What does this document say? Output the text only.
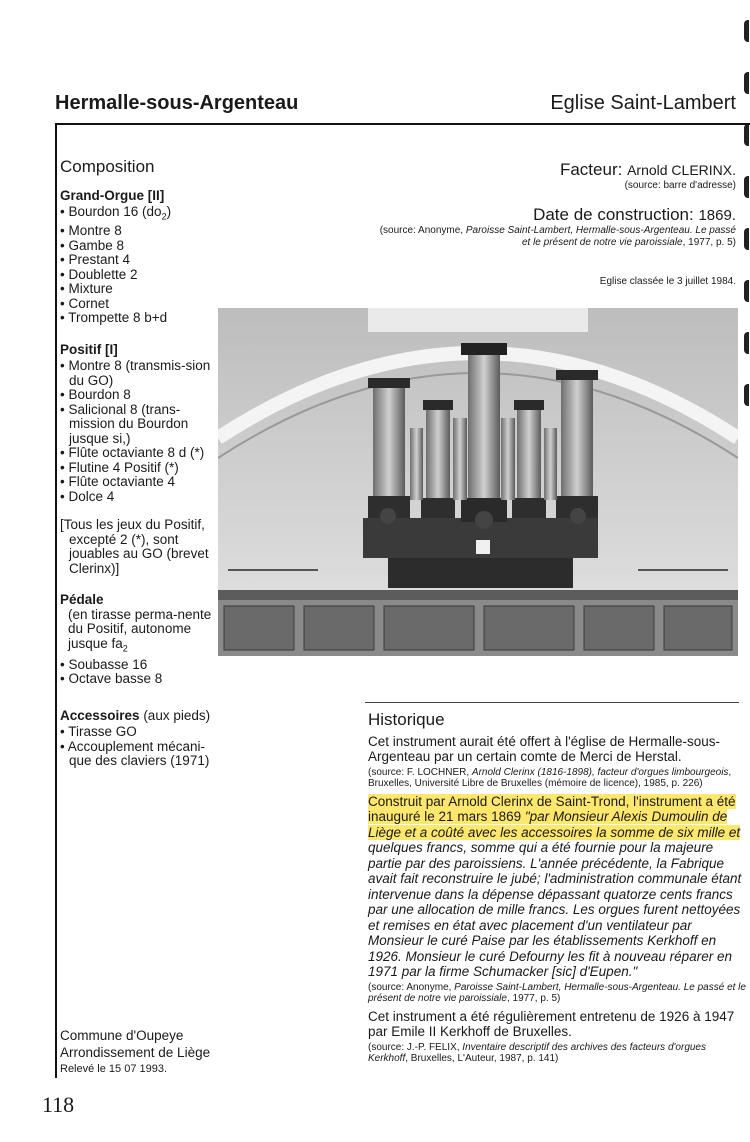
Hermalle-sous-Argenteau	Eglise Saint-Lambert
Composition
Grand-Orgue [II]
• Bourdon 16 $(do_2)$
• Montre 8
• Gambe 8
• Prestant 4
• Doublette 2
• Mixture
• Cornet
• Trompette 8 b+d
Positif [I]
• Montre 8 (transmis-sion du GO)
• Bourdon 8
• Salicional 8 (trans-mission du Bourdon jusque si,)
• Flûte octaviante 8 d (*)
• Flutine 4 Positif (*)
• Flûte octaviante 4
• Dolce 4
[Tous les jeux du Positif, excepté 2 (*), sont jouables au GO (brevet Clerinx)]
Pédale
(en tirasse perma-nente du Positif, autonome jusque $fa_2$
• Soubasse 16
• Octave basse 8
Accessoires (aux pieds)
• Tirasse GO
• Accouplement mécani-que des claviers (1971)
Facteur: Arnold CLERINX.
(source: barre d'adresse)
Date de construction: 1869.
(source: Anonyme, Paroisse Saint-Lambert, Hermalle-sous-Argenteau. Le passé et le présent de notre vie paroissiale, 1977, p. 5)
Eglise classée le 3 juillet 1984.
Historique
Cet instrument aurait été offert à l'église de Hermalle-sous-Argenteau par un certain comte de Merci de Herstal.
(source: F. LOCHNER, Arnold Clerinx (1816-1898), facteur d'orgues limbourgeois, Bruxelles, Université Libre de Bruxelles (mémoire de licence), 1985, p. 226)
Construit par Arnold Clerinx de Saint-Trond, l'instrument a été inauguré le 21 mars 1869 "par Monsieur Alexis Dumoulin de Liège et a coûté avec les accessoires la somme de six mille et quelques francs, somme qui a été fournie pour la majeure partie par des paroissiens. L'année précédente, la Fabrique avait fait reconstruire le jubé; l'administration communale étant intervenue dans la dépense dépassant quatorze cents francs par une allocation de mille francs. Les orgues furent nettoyées et remises en état avec placement d'un ventilateur par Monsieur le curé Paise par les établissements Kerkhoff en 1926. Monsieur le curé Defourny les fit à nouveau réparer en 1971 par la firme Schumacker [sic] d'Eupen."
(source: Anonyme, Paroisse Saint-Lambert, Hermalle-sous-Argenteau. Le passé et le présent de notre vie paroissiale, 1977, p. 5)
Cet instrument a été régulièrement entretenu de 1926 à 1947 par Emile II Kerkhoff de Bruxelles.
(source: J.-P. FELIX, Inventaire descriptif des archives des facteurs d'orgues Kerkhoff, Bruxelles, L'Auteur, 1987, p. 141)
Commune d'Oupeye
Arrondissement de Liège
Relevé le 15 07 1993.
118
